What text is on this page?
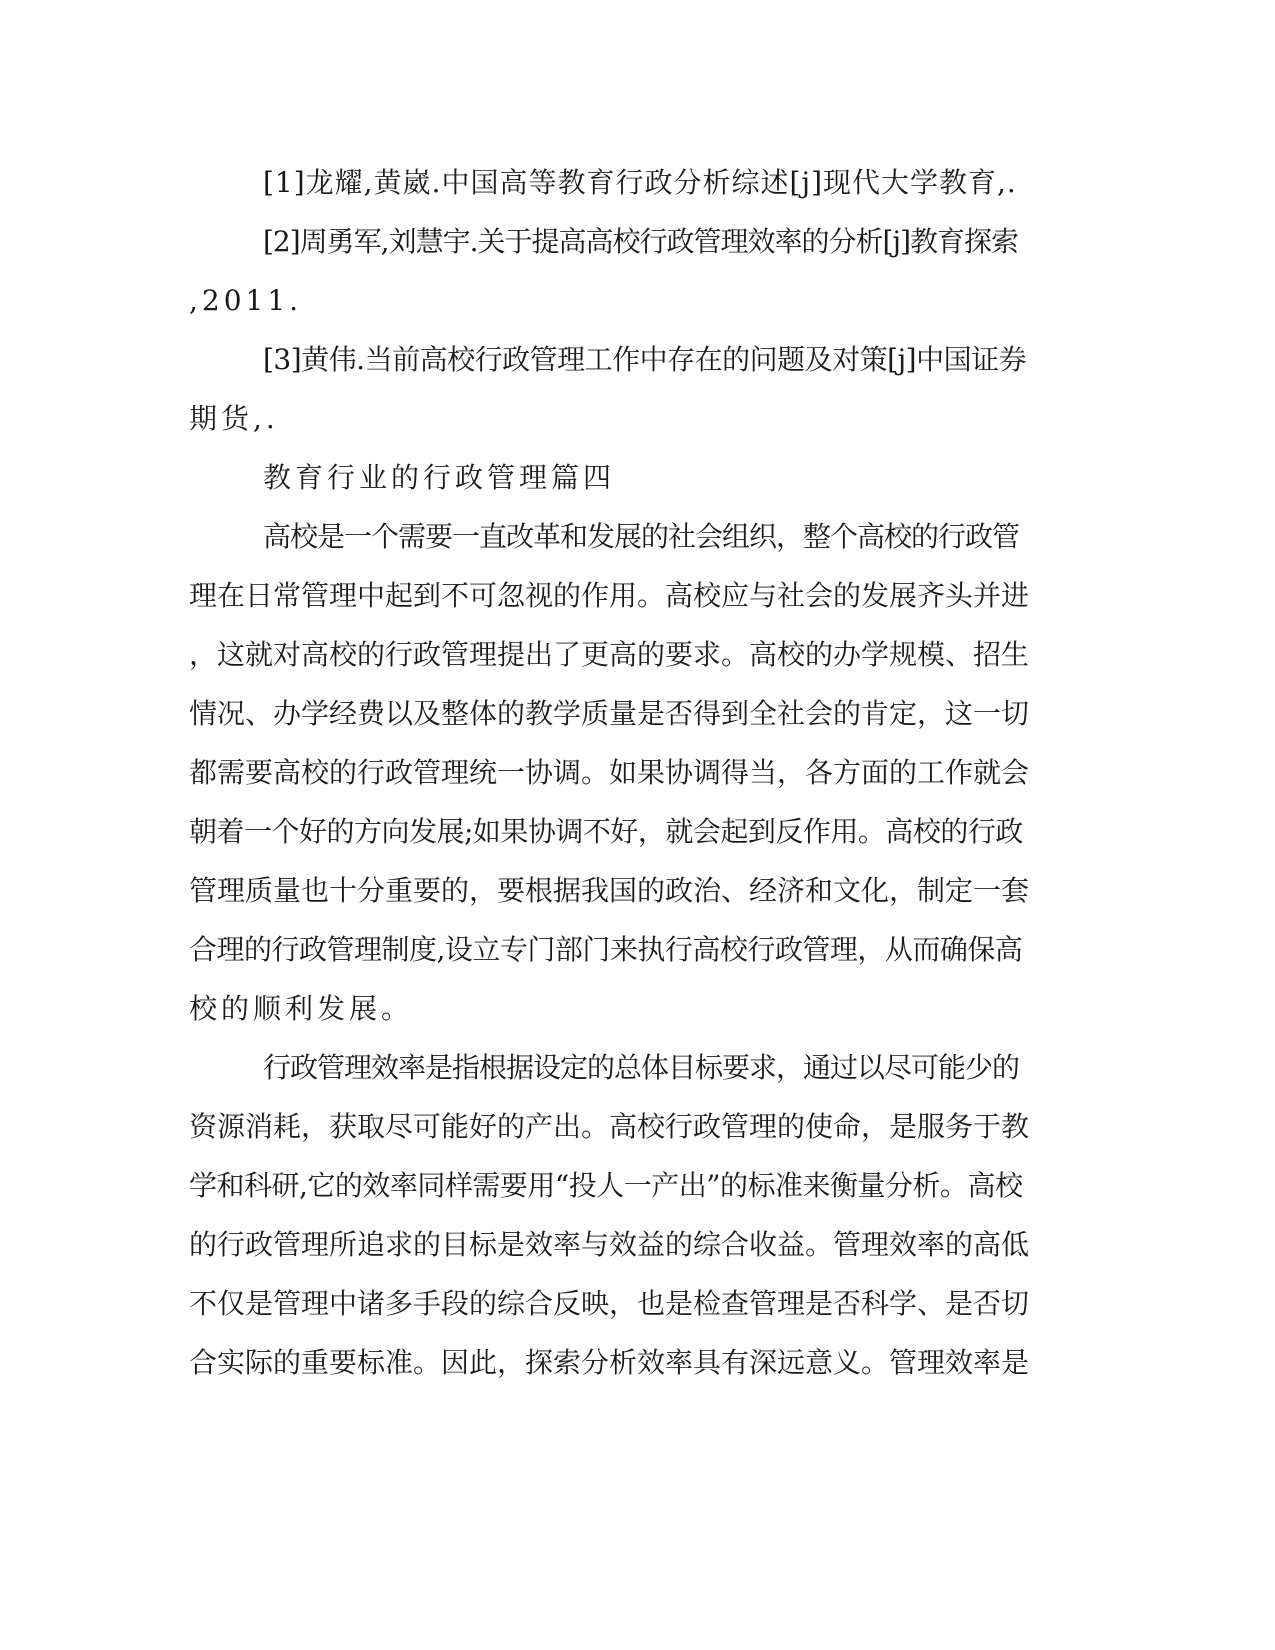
[1]龙耀,黄崴.中国高等教育行政分析综述[j]现代大学教育,.
[2]周勇军,刘慧宇.关于提高高校行政管理效率的分析[j]教育探索
,2011.
[3]黄伟.当前高校行政管理工作中存在的问题及对策[j]中国证券
期货,.
教育行业的行政管理篇四
高校是一个需要一直改革和发展的社会组织，整个高校的行政管
理在日常管理中起到不可忽视的作用。高校应与社会的发展齐头并进
，这就对高校的行政管理提出了更高的要求。高校的办学规模、招生
情况、办学经费以及整体的教学质量是否得到全社会的肯定，这一切
都需要高校的行政管理统一协调。如果协调得当，各方面的工作就会
朝着一个好的方向发展;如果协调不好，就会起到反作用。高校的行政
管理质量也十分重要的，要根据我国的政治、经济和文化，制定一套
合理的行政管理制度,设立专门部门来执行高校行政管理，从而确保高
校的顺利发展。
行政管理效率是指根据设定的总体目标要求，通过以尽可能少的
资源消耗，获取尽可能好的产出。高校行政管理的使命，是服务于教
学和科研,它的效率同样需要用“投人一产出”的标准来衡量分析。高校
的行政管理所追求的目标是效率与效益的综合收益。管理效率的高低
不仅是管理中诸多手段的综合反映，也是检查管理是否科学、是否切
合实际的重要标准。因此，探索分析效率具有深远意义。管理效率是
